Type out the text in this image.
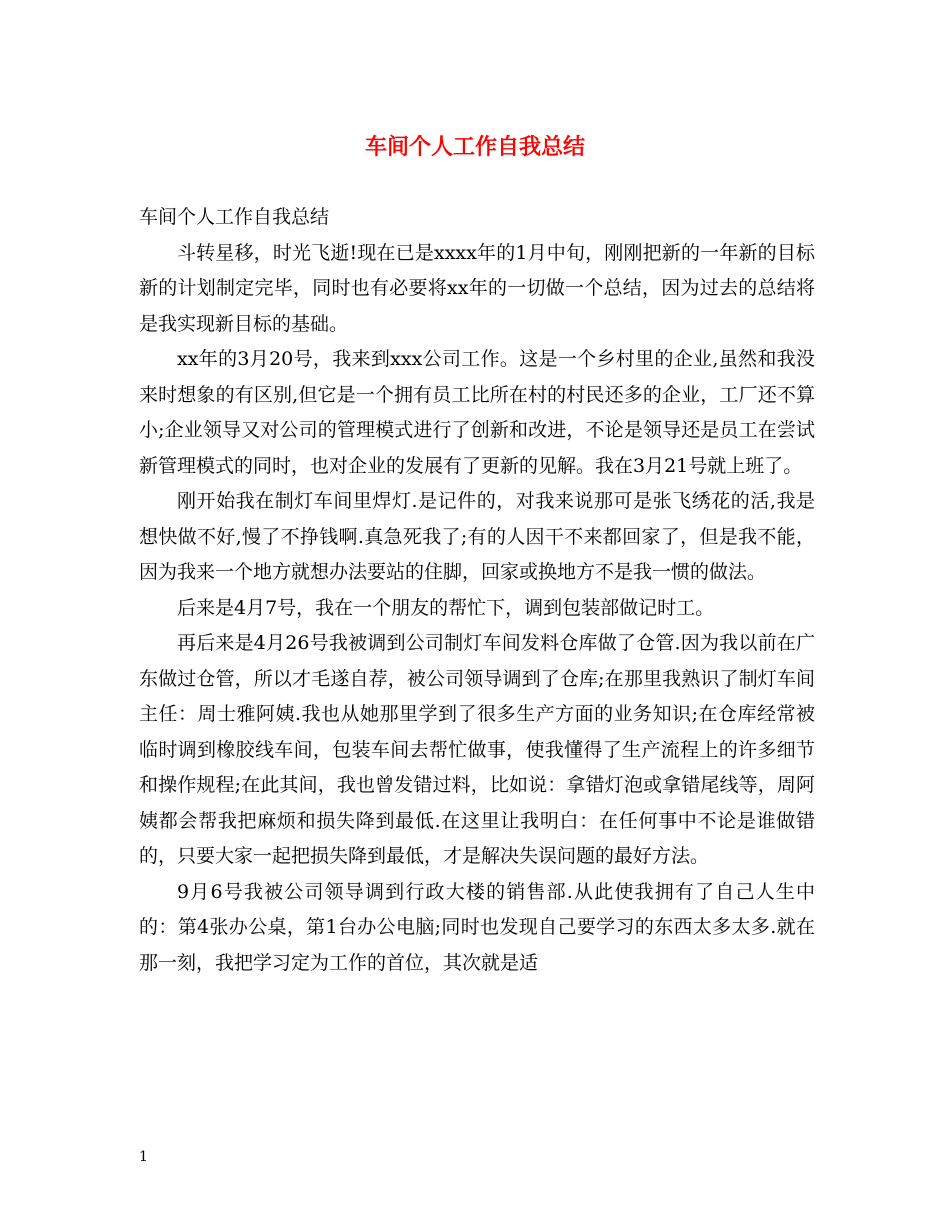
车间个人工作自我总结

车间个人工作自我总结

斗转星移，时光飞逝!现在已是xxxx年的1月中旬，刚刚把新的一年新的目标新的计划制定完毕，同时也有必要将xx年的一切做一个总结，因为过去的总结将是我实现新目标的基础。

xx年的3月20号，我来到xxx公司工作。这是一个乡村里的企业,虽然和我没来时想象的有区别,但它是一个拥有员工比所在村的村民还多的企业，工厂还不算小;企业领导又对公司的管理模式进行了创新和改进，不论是领导还是员工在尝试新管理模式的同时，也对企业的发展有了更新的见解。我在3月21号就上班了。

刚开始我在制灯车间里焊灯.是记件的，对我来说那可是张飞绣花的活,我是想快做不好,慢了不挣钱啊.真急死我了;有的人因干不来都回家了，但是我不能，因为我来一个地方就想办法要站的住脚，回家或换地方不是我一惯的做法。

后来是4月7号，我在一个朋友的帮忙下，调到包装部做记时工。

再后来是4月26号我被调到公司制灯车间发料仓库做了仓管.因为我以前在广东做过仓管，所以才毛遂自荐，被公司领导调到了仓库;在那里我熟识了制灯车间主任：周士雅阿姨.我也从她那里学到了很多生产方面的业务知识;在仓库经常被临时调到橡胶线车间，包装车间去帮忙做事，使我懂得了生产流程上的许多细节和操作规程;在此其间，我也曾发错过料，比如说：拿错灯泡或拿错尾线等，周阿姨都会帮我把麻烦和损失降到最低.在这里让我明白：在任何事中不论是谁做错的，只要大家一起把损失降到最低，才是解决失误问题的最好方法。

9月6号我被公司领导调到行政大楼的销售部.从此使我拥有了自己人生中的：第4张办公桌，第1台办公电脑;同时也发现自己要学习的东西太多太多.就在那一刻，我把学习定为工作的首位，其次就是适

1
